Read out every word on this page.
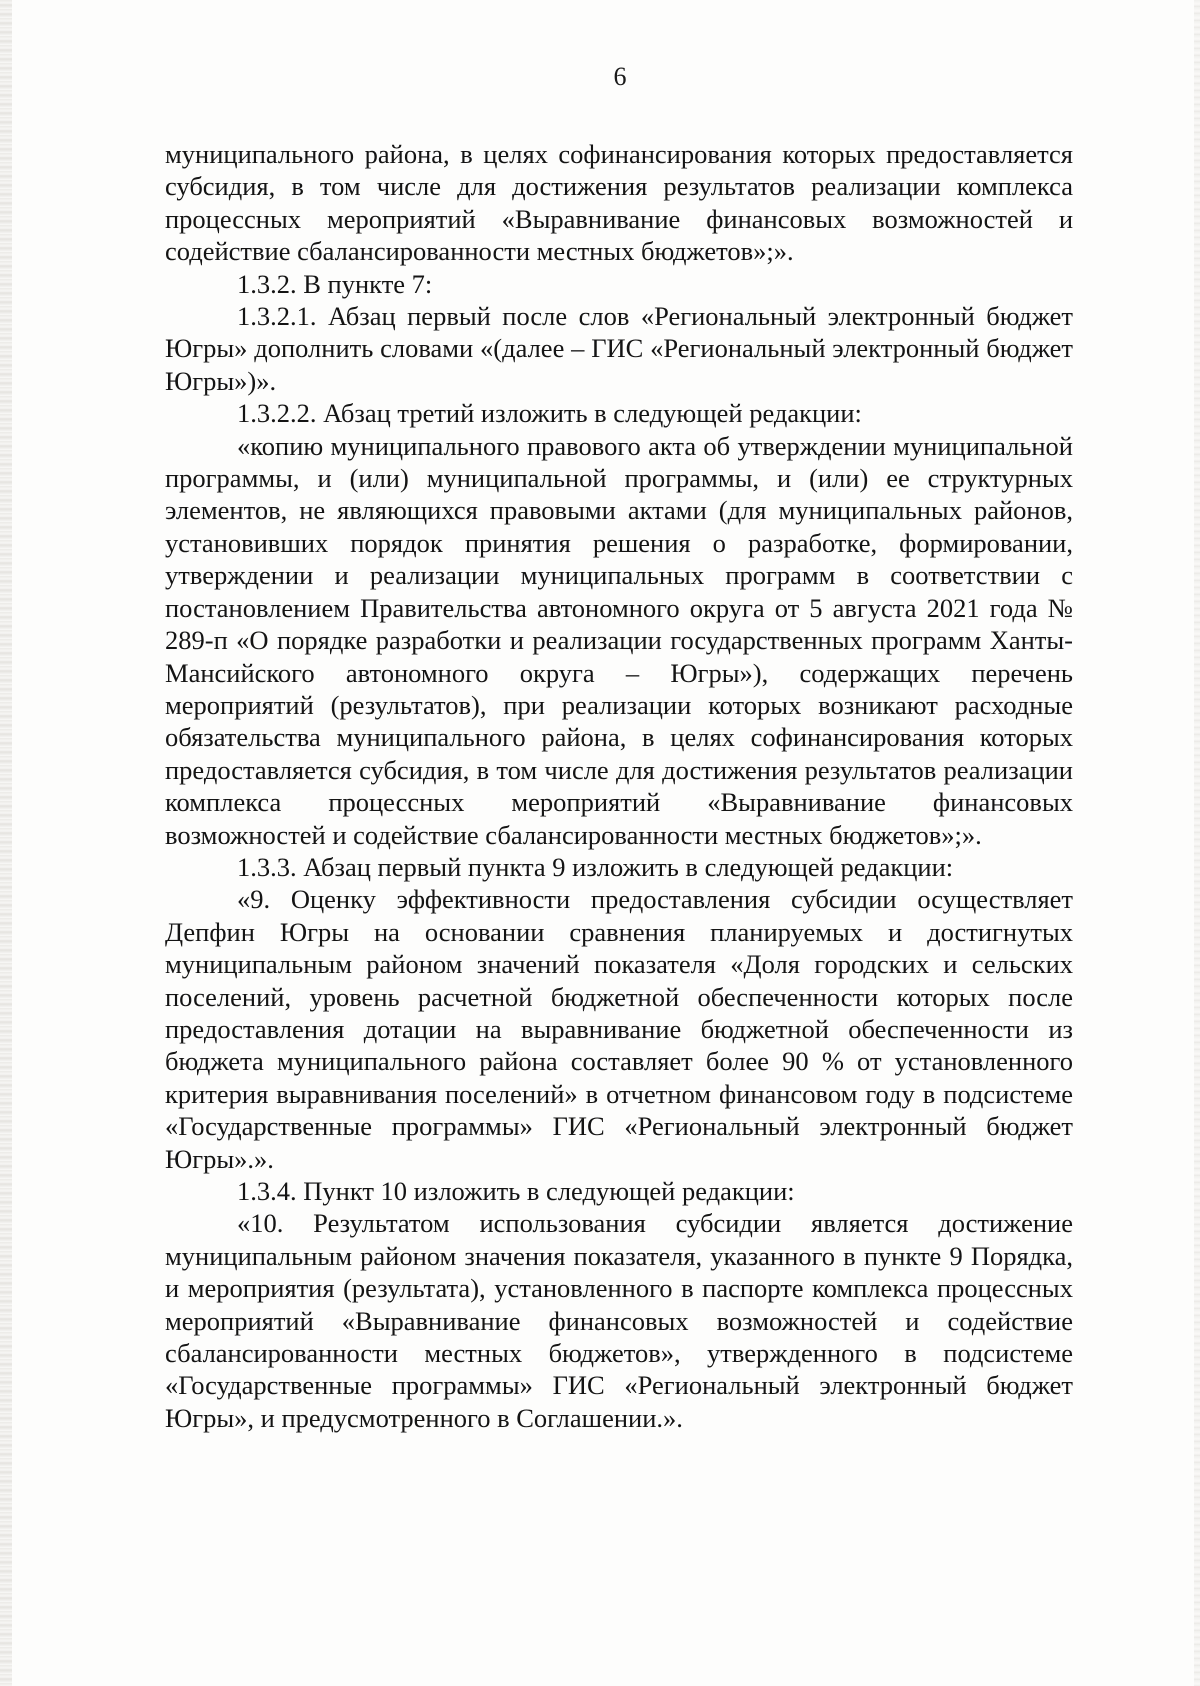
6

муниципального района, в целях софинансирования которых предоставляется субсидия, в том числе для достижения результатов реализации комплекса процессных мероприятий «Выравнивание финансовых возможностей и содействие сбалансированности местных бюджетов»;».

1.3.2. В пункте 7:

1.3.2.1. Абзац первый после слов «Региональный электронный бюджет Югры» дополнить словами «(далее – ГИС «Региональный электронный бюджет Югры»)».

1.3.2.2. Абзац третий изложить в следующей редакции:

«копию муниципального правового акта об утверждении муниципальной программы, и (или) муниципальной программы, и (или) ее структурных элементов, не являющихся правовыми актами (для муниципальных районов, установивших порядок принятия решения о разработке, формировании, утверждении и реализации муниципальных программ в соответствии с постановлением Правительства автономного округа от 5 августа 2021 года № 289-п «О порядке разработки и реализации государственных программ Ханты-Мансийского автономного округа – Югры»), содержащих перечень мероприятий (результатов), при реализации которых возникают расходные обязательства муниципального района, в целях софинансирования которых предоставляется субсидия, в том числе для достижения результатов реализации комплекса процессных мероприятий «Выравнивание финансовых возможностей и содействие сбалансированности местных бюджетов»;».

1.3.3. Абзац первый пункта 9 изложить в следующей редакции:

«9. Оценку эффективности предоставления субсидии осуществляет Депфин Югры на основании сравнения планируемых и достигнутых муниципальным районом значений показателя «Доля городских и сельских поселений, уровень расчетной бюджетной обеспеченности которых после предоставления дотации на выравнивание бюджетной обеспеченности из бюджета муниципального района составляет более 90 % от установленного критерия выравнивания поселений» в отчетном финансовом году в подсистеме «Государственные программы» ГИС «Региональный электронный бюджет Югры».».

1.3.4. Пункт 10 изложить в следующей редакции:

«10. Результатом использования субсидии является достижение муниципальным районом значения показателя, указанного в пункте 9 Порядка, и мероприятия (результата), установленного в паспорте комплекса процессных мероприятий «Выравнивание финансовых возможностей и содействие сбалансированности местных бюджетов», утвержденного в подсистеме «Государственные программы» ГИС «Региональный электронный бюджет Югры», и предусмотренного в Соглашении.».
